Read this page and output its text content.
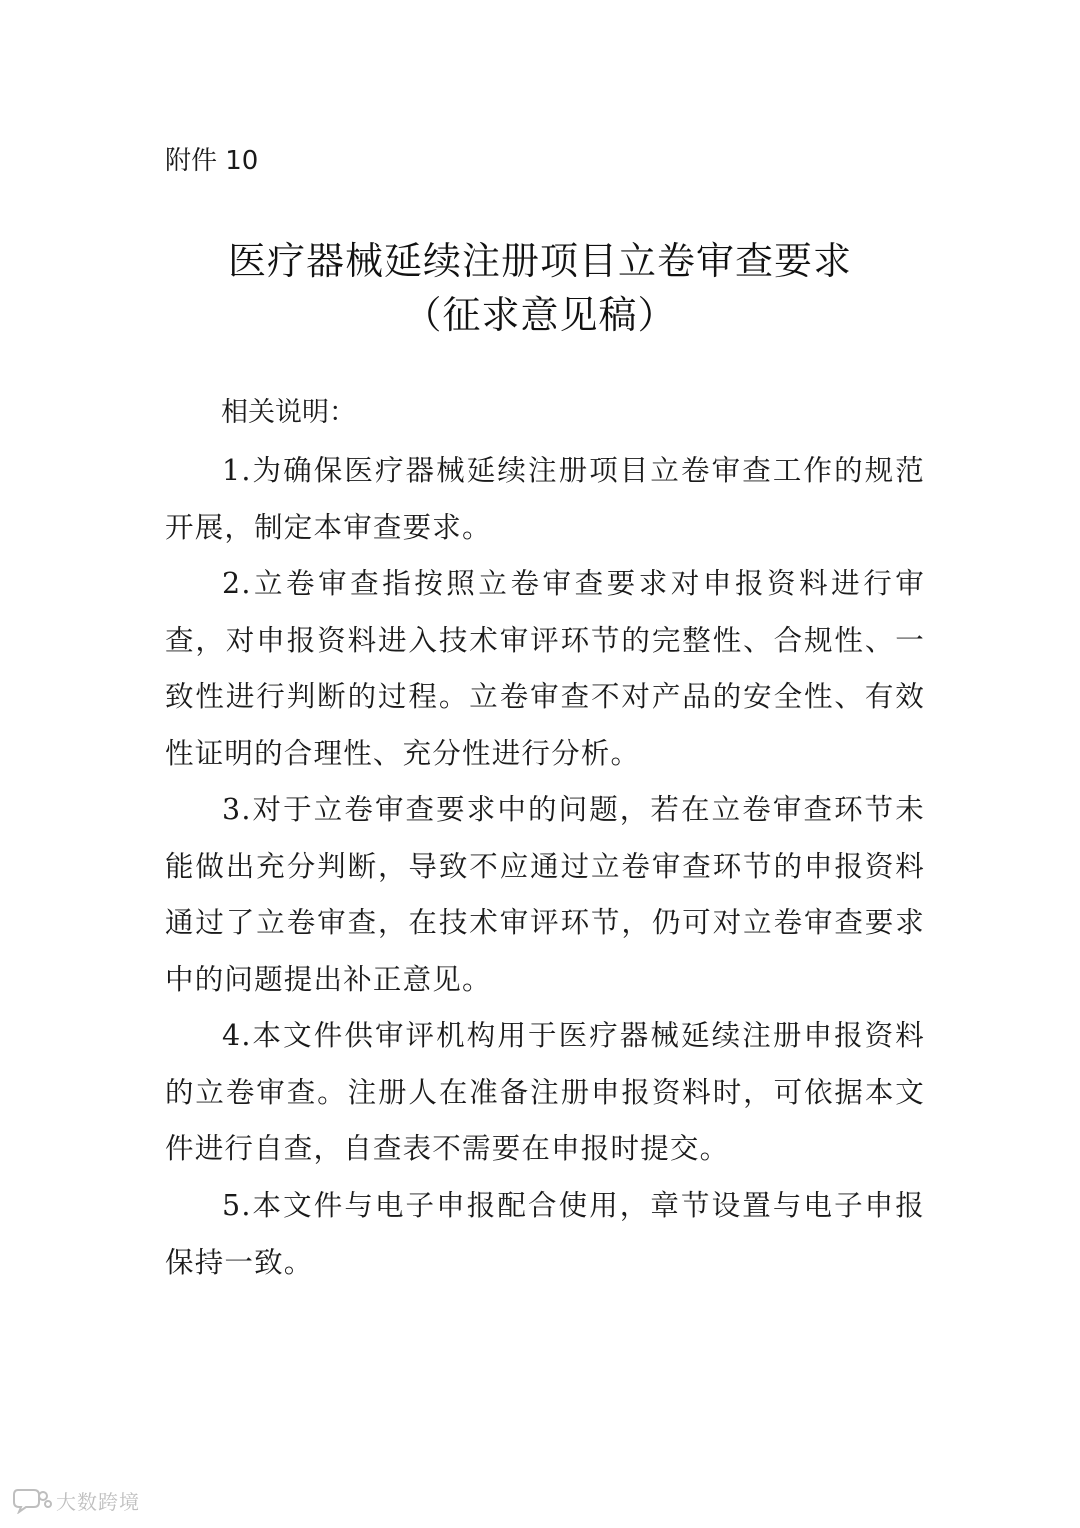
附件 10
医疗器械延续注册项目立卷审查要求
（征求意见稿）
相关说明：
1.为确保医疗器械延续注册项目立卷审查工作的规范开展，制定本审查要求。
2.立卷审查指按照立卷审查要求对申报资料进行审查，对申报资料进入技术审评环节的完整性、合规性、一致性进行判断的过程。立卷审查不对产品的安全性、有效性证明的合理性、充分性进行分析。
3.对于立卷审查要求中的问题，若在立卷审查环节未能做出充分判断，导致不应通过立卷审查环节的申报资料通过了立卷审查，在技术审评环节，仍可对立卷审查要求中的问题提出补正意见。
4.本文件供审评机构用于医疗器械延续注册申报资料的立卷审查。注册人在准备注册申报资料时，可依据本文件进行自查，自查表不需要在申报时提交。
5.本文件与电子申报配合使用，章节设置与电子申报保持一致。
大数跨境
